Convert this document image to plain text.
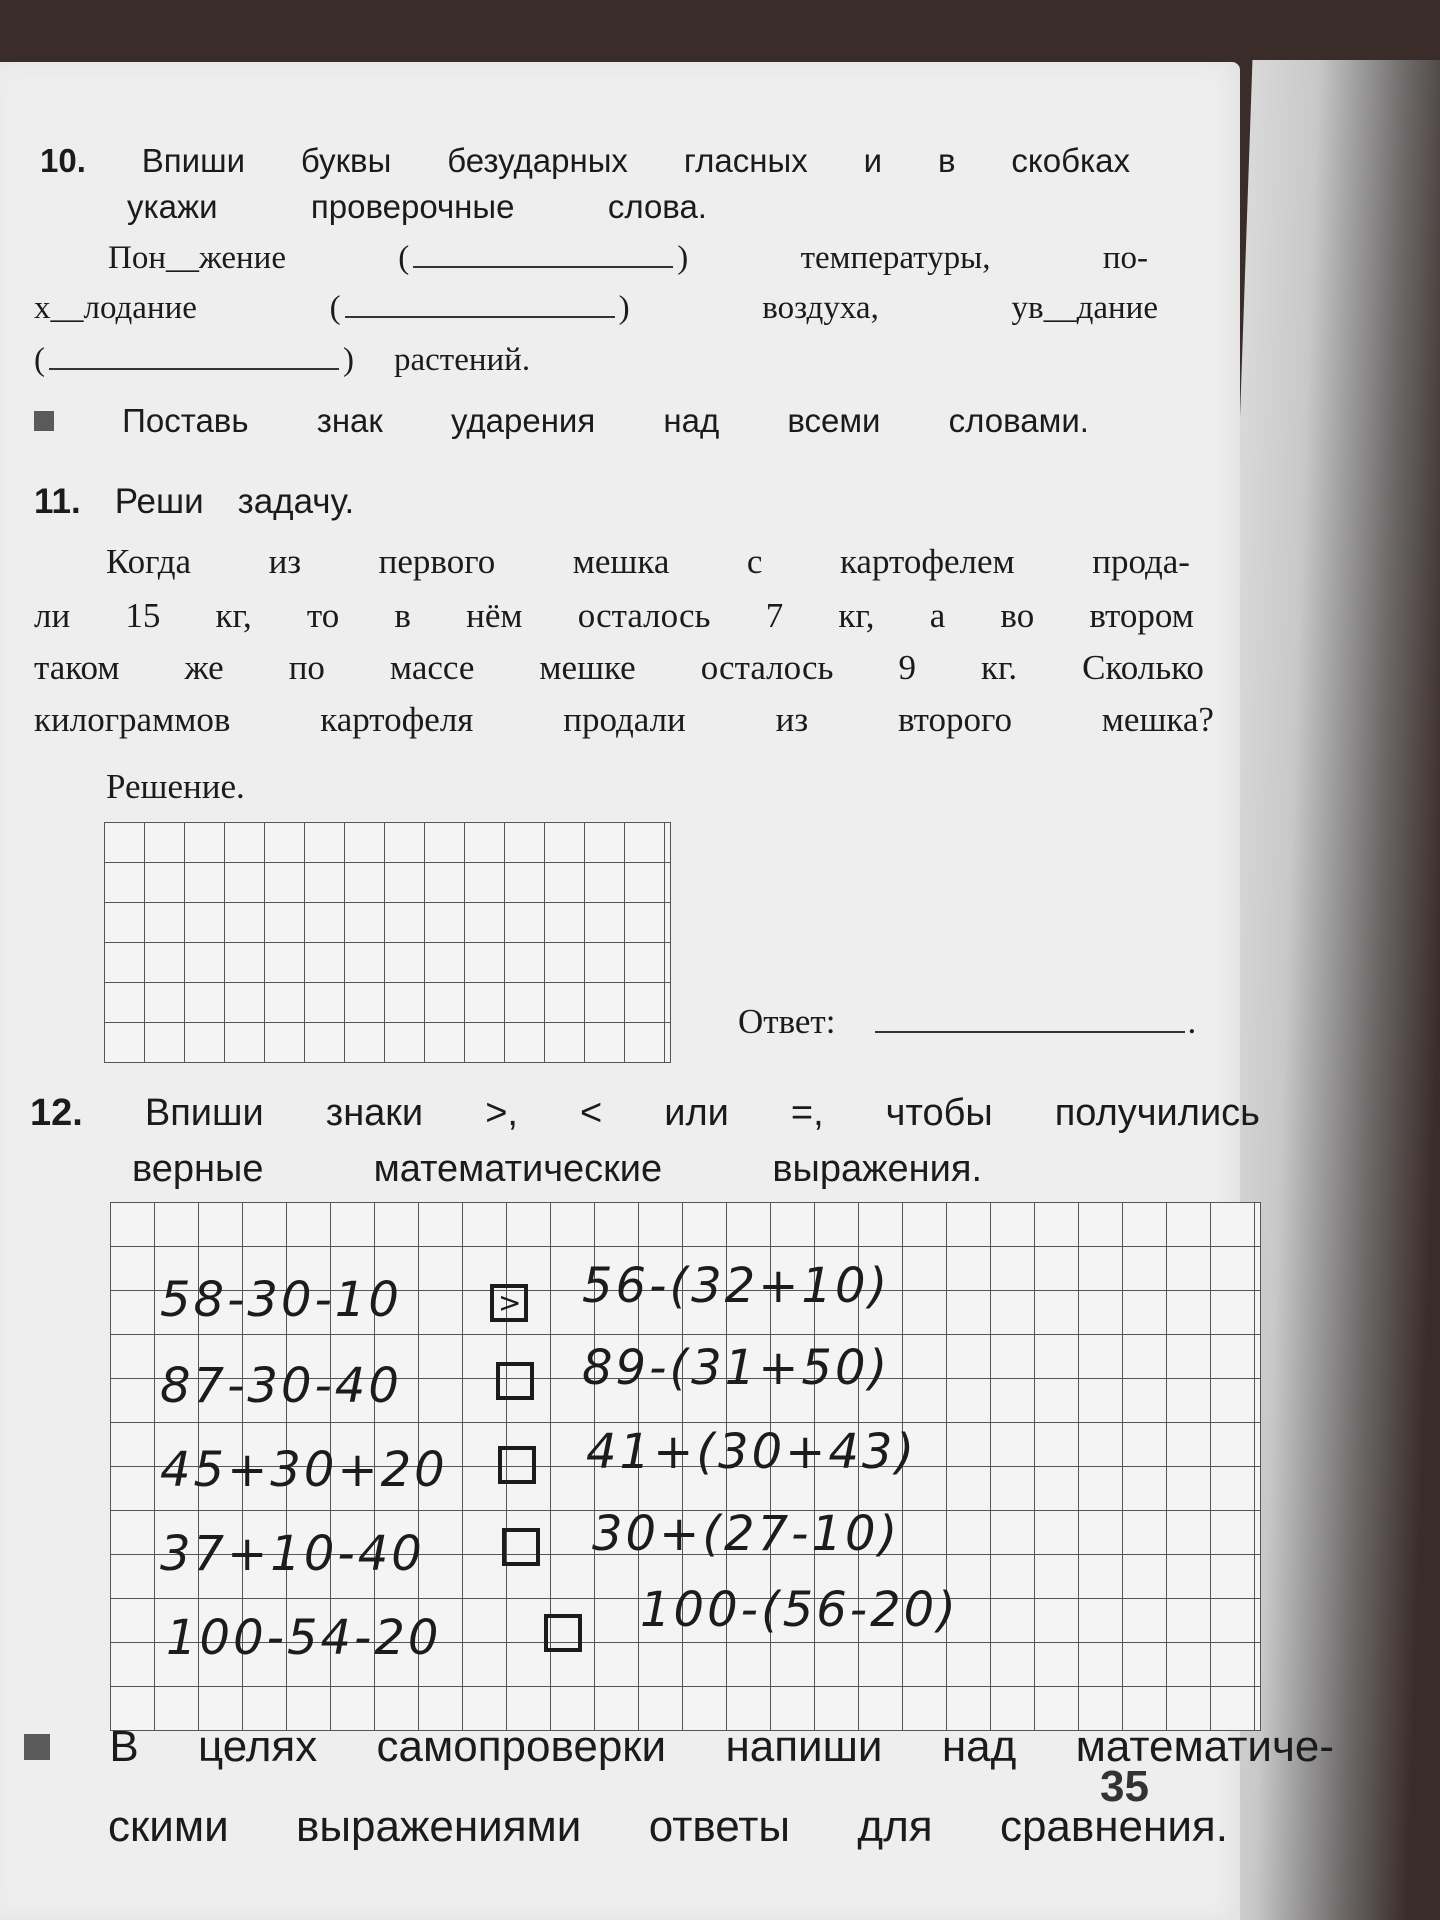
10. Впиши буквы безударных гласных и в скобках
укажи	проверочные	слова.
Пон__жение	(	)	температуры,	по-
х__лодание	(	)	воздуха,	ув__дание
(	) растений.
Поставь знак ударения над всеми словами.
11. Реши задачу.
Когда из первого мешка с картофелем прода-
ли 15 кг, то в нём осталось 7 кг, а во втором
таком же по массе мешке осталось 9 кг. Сколько
килограммов	картофеля	продали	из	второго	мешка?
Решение.
Ответ:	.
12. Впиши знаки >, < или =, чтобы получились
верные	математические	выражения.
58-30-10	> 56-(32+10)
87-30-40	89-(31+50)
45+30+20	41+(30+43)
37+10-40	30+(27-10)
100-54-20	100-(56-20)
В целях самопроверки напиши над математиче-
скими выражениями ответы для сравнения.
35
